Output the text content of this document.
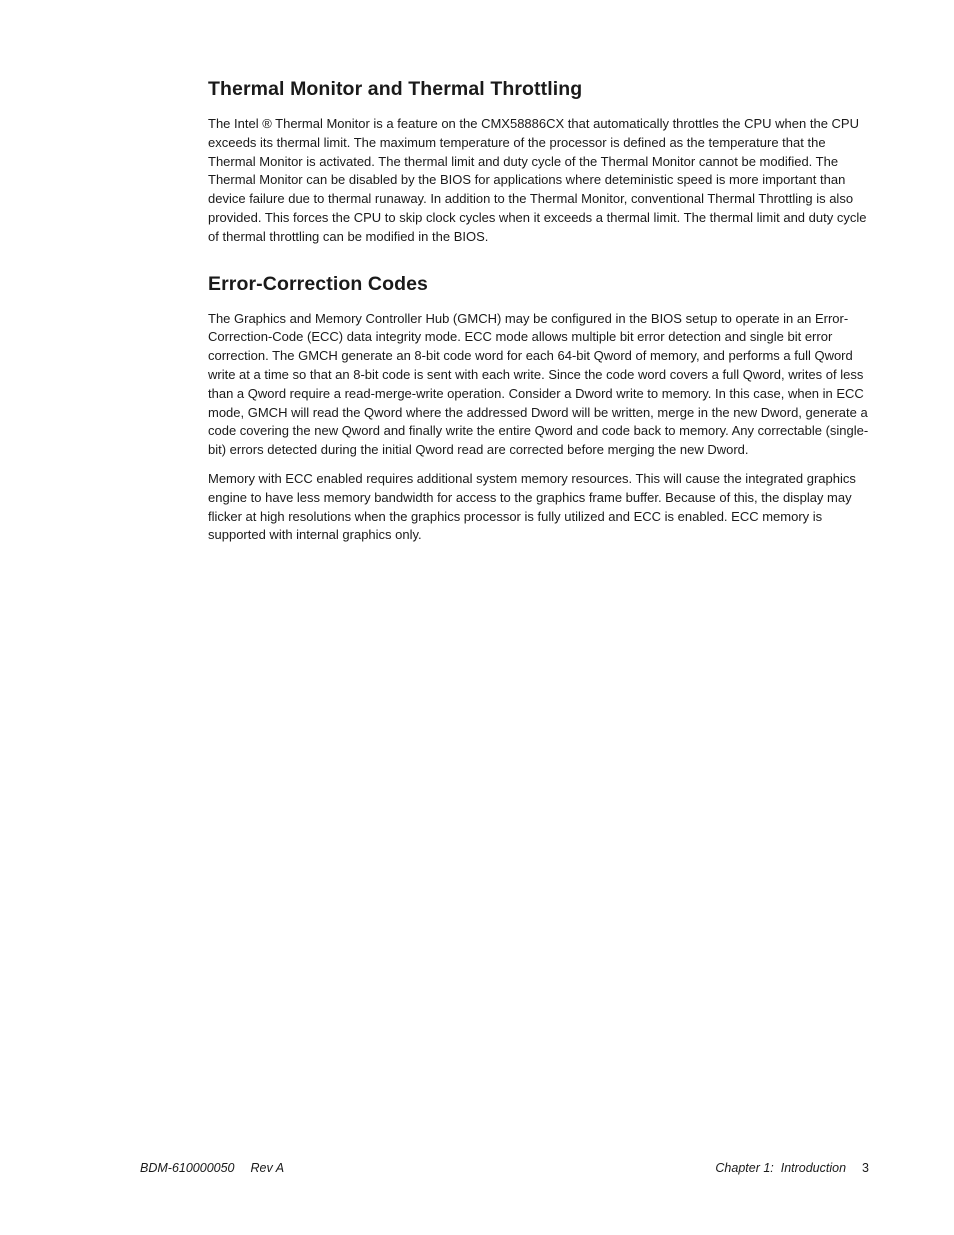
Thermal Monitor and Thermal Throttling

The Intel ® Thermal Monitor is a feature on the CMX58886CX that automatically throttles the CPU when the CPU exceeds its thermal limit. The maximum temperature of the processor is defined as the temperature that the Thermal Monitor is activated. The thermal limit and duty cycle of the Thermal Monitor cannot be modified. The Thermal Monitor can be disabled by the BIOS for applications where deteministic speed is more important than device failure due to thermal runaway. In addition to the Thermal Monitor, conventional Thermal Throttling is also provided. This forces the CPU to skip clock cycles when it exceeds a thermal limit. The thermal limit and duty cycle of thermal throttling can be modified in the BIOS.

Error-Correction Codes

The Graphics and Memory Controller Hub (GMCH) may be configured in the BIOS setup to operate in an Error-Correction-Code (ECC) data integrity mode. ECC mode allows multiple bit error detection and single bit error correction. The GMCH generate an 8-bit code word for each 64-bit Qword of memory, and performs a full Qword write at a time so that an 8-bit code is sent with each write. Since the code word covers a full Qword, writes of less than a Qword require a read-merge-write operation. Consider a Dword write to memory. In this case, when in ECC mode, GMCH will read the Qword where the addressed Dword will be written, merge in the new Dword, generate a code covering the new Qword and finally write the entire Qword and code back to memory. Any correctable (single-bit) errors detected during the initial Qword read are corrected before merging the new Dword.

Memory with ECC enabled requires additional system memory resources. This will cause the integrated graphics engine to have less memory bandwidth for access to the graphics frame buffer. Because of this, the display may flicker at high resolutions when the graphics processor is fully utilized and ECC is enabled. ECC memory is supported with internal graphics only.

BDM-610000050 Rev A	Chapter 1:  Introduction 3
